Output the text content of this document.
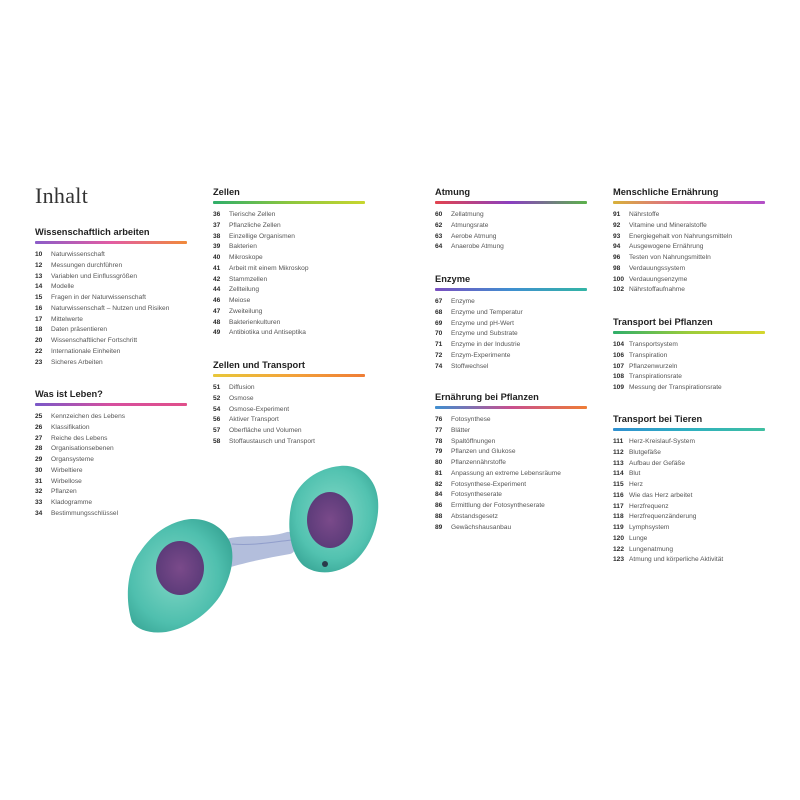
Inhalt
Wissenschaftlich arbeiten
10	Naturwissenschaft
12	Messungen durchführen
13	Variablen und Einflussgrößen
14	Modelle
15	Fragen in der Naturwissenschaft
16	Naturwissenschaft – Nutzen und Risiken
17	Mittelwerte
18	Daten präsentieren
20	Wissenschaftlicher Fortschritt
22	Internationale Einheiten
23	Sicheres Arbeiten
Was ist Leben?
25	Kennzeichen des Lebens
26	Klassifikation
27	Reiche des Lebens
28	Organisationsebenen
29	Organsysteme
30	Wirbeltiere
31	Wirbellose
32	Pflanzen
33	Kladogramme
34	Bestimmungsschlüssel
Zellen
36	Tierische Zellen
37	Pflanzliche Zellen
38	Einzellige Organismen
39	Bakterien
40	Mikroskope
41	Arbeit mit einem Mikroskop
42	Stammzellen
44	Zellteilung
46	Meiose
47	Zweiteilung
48	Bakterienkulturen
49	Antibiotika und Antiseptika
Zellen und Transport
51	Diffusion
52	Osmose
54	Osmose-Experiment
56	Aktiver Transport
57	Oberfläche und Volumen
58	Stoffaustausch und Transport
Atmung
60	Zellatmung
62	Atmungsrate
63	Aerobe Atmung
64	Anaerobe Atmung
Enzyme
67	Enzyme
68	Enzyme und Temperatur
69	Enzyme und pH-Wert
70	Enzyme und Substrate
71	Enzyme in der Industrie
72	Enzym-Experimente
74	Stoffwechsel
Ernährung bei Pflanzen
76	Fotosynthese
77	Blätter
78	Spaltöffnungen
79	Pflanzen und Glukose
80	Pflanzennährstoffe
81	Anpassung an extreme Lebensräume
82	Fotosynthese-Experiment
84	Fotosyntheserate
86	Ermittlung der Fotosyntheserate
88	Abstandsgesetz
89	Gewächshausanbau
Menschliche Ernährung
91	Nährstoffe
92	Vitamine und Mineralstoffe
93	Energiegehalt von Nahrungsmitteln
94	Ausgewogene Ernährung
96	Testen von Nahrungsmitteln
98	Verdauungssystem
100 Verdauungsenzyme
102 Nährstoffaufnahme
Transport bei Pflanzen
104 Transportsystem
106 Transpiration
107 Pflanzenwurzeln
108 Transpirationsrate
109 Messung der Transpirationsrate
Transport bei Tieren
111 Herz-Kreislauf-System
112 Blutgefäße
113 Aufbau der Gefäße
114 Blut
115 Herz
116 Wie das Herz arbeitet
117 Herzfrequenz
118 Herzfrequenzänderung
119 Lymphsystem
120 Lunge
122 Lungenatmung
123 Atmung und körperliche Aktivität
